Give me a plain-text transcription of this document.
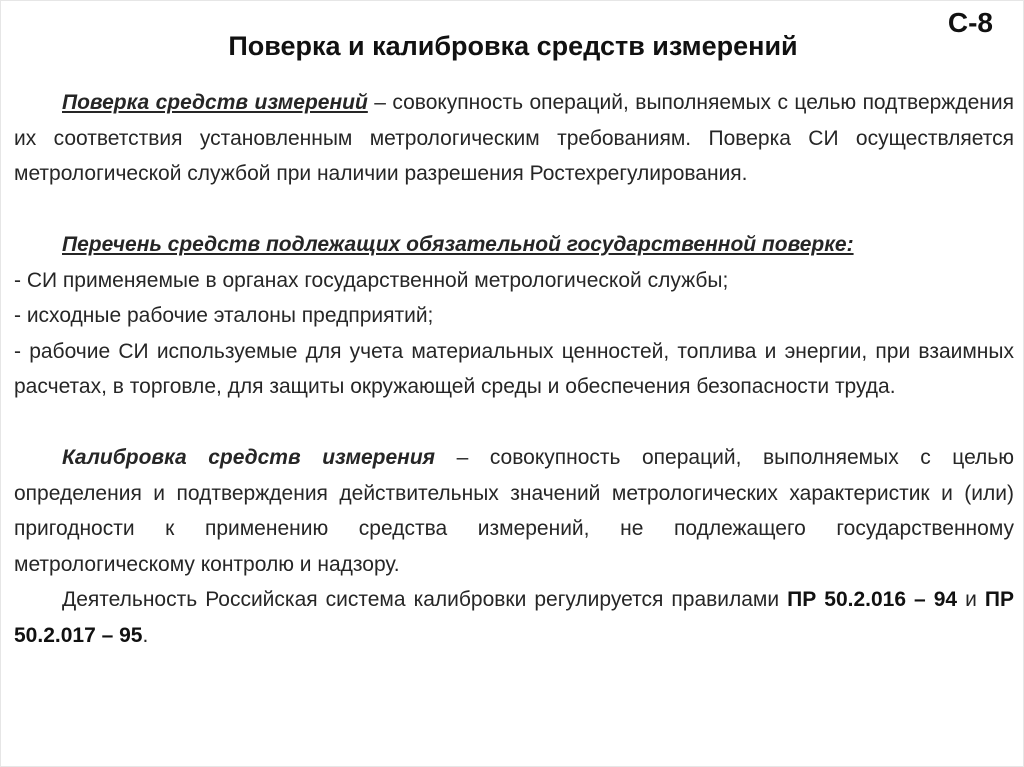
С-8
Поверка и калибровка средств измерений

Поверка средств измерений – совокупность операций, выполняемых с целью подтверждения их соответствия установленным метрологическим требованиям. Поверка СИ осуществляется метрологической службой при наличии разрешения Ростехрегулирования.

Перечень средств подлежащих обязательной государственной поверке:

- СИ применяемые в органах государственной метрологической службы;

- исходные рабочие эталоны предприятий;

- рабочие СИ используемые для учета материальных ценностей, топлива и энергии, при взаимных расчетах, в торговле, для защиты окружающей среды и обеспечения безопасности труда.

Калибровка средств измерения – совокупность операций, выполняемых с целью определения и подтверждения действительных значений метрологических характеристик и (или) пригодности к применению средства измерений, не подлежащего государственному метрологическому контролю и надзору.

Деятельность Российская система калибровки регулируется правилами ПР 50.2.016 – 94 и ПР 50.2.017 – 95.
